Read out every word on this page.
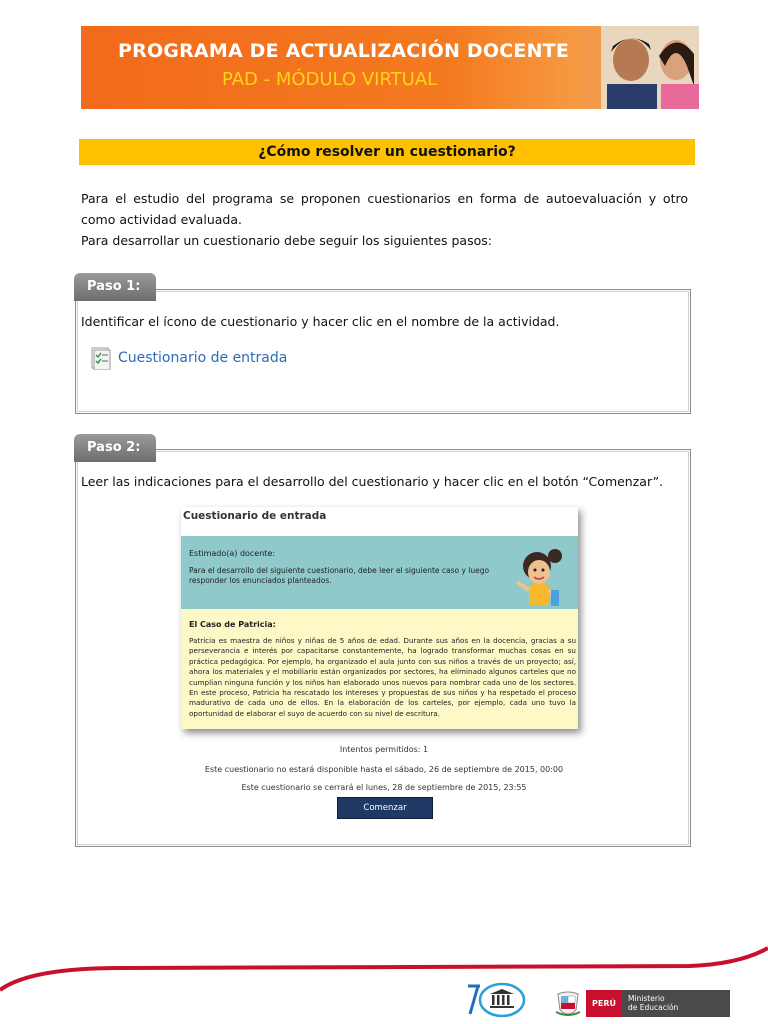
PROGRAMA DE ACTUALIZACIÓN DOCENTE
PAD - MÓDULO VIRTUAL
¿Cómo resolver un cuestionario?

Para el estudio del programa se proponen cuestionarios en forma de autoevaluación y otro como actividad evaluada.

Para desarrollar un cuestionario debe seguir los siguientes pasos:

Paso 1:
Identificar el ícono de cuestionario y hacer clic en el nombre de la actividad.
Cuestionario de entrada
Paso 2:
Leer las indicaciones para el desarrollo del cuestionario y hacer clic en el botón “Comenzar”.
Cuestionario de entrada
Estimado(a) docente:
Para el desarrollo del siguiente cuestionario, debe leer el siguiente caso y luego responder los enunciados planteados.
El Caso de Patricia:
Patricia es maestra de niños y niñas de 5 años de edad. Durante sus años en la docencia, gracias a su perseverancia e interés por capacitarse constantemente, ha logrado transformar muchas cosas en su práctica pedagógica. Por ejemplo, ha organizado el aula junto con sus niños a través de un proyecto; así, ahora los materiales y el mobiliario están organizados por sectores, ha eliminado algunos carteles que no cumplían ninguna función y los niños han elaborado unos nuevos para nombrar cada uno de los sectores. En este proceso, Patricia ha rescatado los intereses y propuestas de sus niños y ha respetado el proceso madurativo de cada uno de ellos. En la elaboración de los carteles, por ejemplo, cada uno tuvo la oportunidad de elaborar el suyo de acuerdo con su nivel de escritura.
Intentos permitidos: 1
Este cuestionario no estará disponible hasta el sábado, 26 de septiembre de 2015, 00:00
Este cuestionario se cerrará el lunes, 28 de septiembre de 2015, 23:55
Comenzar
PERÚ
Ministerio
de Educación
